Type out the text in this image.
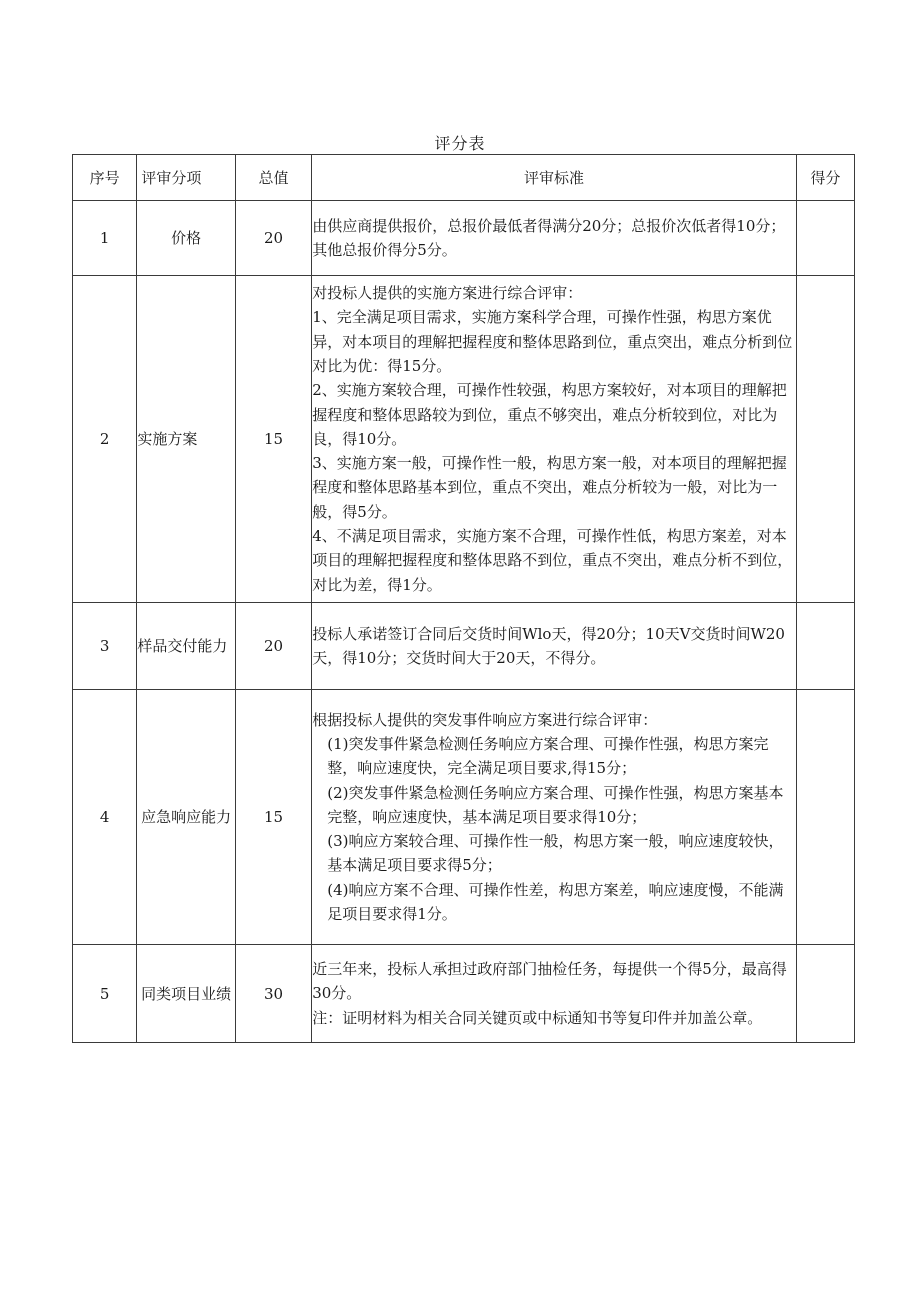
评分表
序号	评审分项	总值	评审标准	得分
1	价格	20	由供应商提供报价，总报价最低者得满分20分；总报价次低者得10分；其他总报价得分5分。	

2	实施方案	15	对投标人提供的实施方案进行综合评审：
1、完全满足项目需求，实施方案科学合理，可操作性强，构思方案优异，对本项目的理解把握程度和整体思路到位，重点突出，难点分析到位对比为优：得15分。
2、实施方案较合理，可操作性较强，构思方案较好，对本项目的理解把握程度和整体思路较为到位，重点不够突出，难点分析较到位，对比为良，得10分。
3、实施方案一般，可操作性一般，构思方案一般，对本项目的理解把握程度和整体思路基本到位，重点不突出，难点分析较为一般，对比为一般，得5分。
4、不满足项目需求，实施方案不合理，可操作性低，构思方案差，对本项目的理解把握程度和整体思路不到位，重点不突出，难点分析不到位，对比为差，得1分。	

3	样品交付能力	20	投标人承诺签订合同后交货时间Wlo天，得20分；10天V交货时间W20天，得10分；交货时间大于20天，不得分。	

4	应急响应能力	15	根据投标人提供的突发事件响应方案进行综合评审：
(1)突发事件紧急检测任务响应方案合理、可操作性强，构思方案完整，响应速度快，完全满足项目要求,得15分；
(2)突发事件紧急检测任务响应方案合理、可操作性强，构思方案基本完整，响应速度快，基本满足项目要求得10分；
(3)响应方案较合理、可操作性一般，构思方案一般，响应速度较快，基本满足项目要求得5分；
(4)响应方案不合理、可操作性差，构思方案差，响应速度慢，不能满足项目要求得1分。	

5	同类项目业绩	30	近三年来，投标人承担过政府部门抽检任务，每提供一个得5分，最高得30分。
注：证明材料为相关合同关键页或中标通知书等复印件并加盖公章。	
